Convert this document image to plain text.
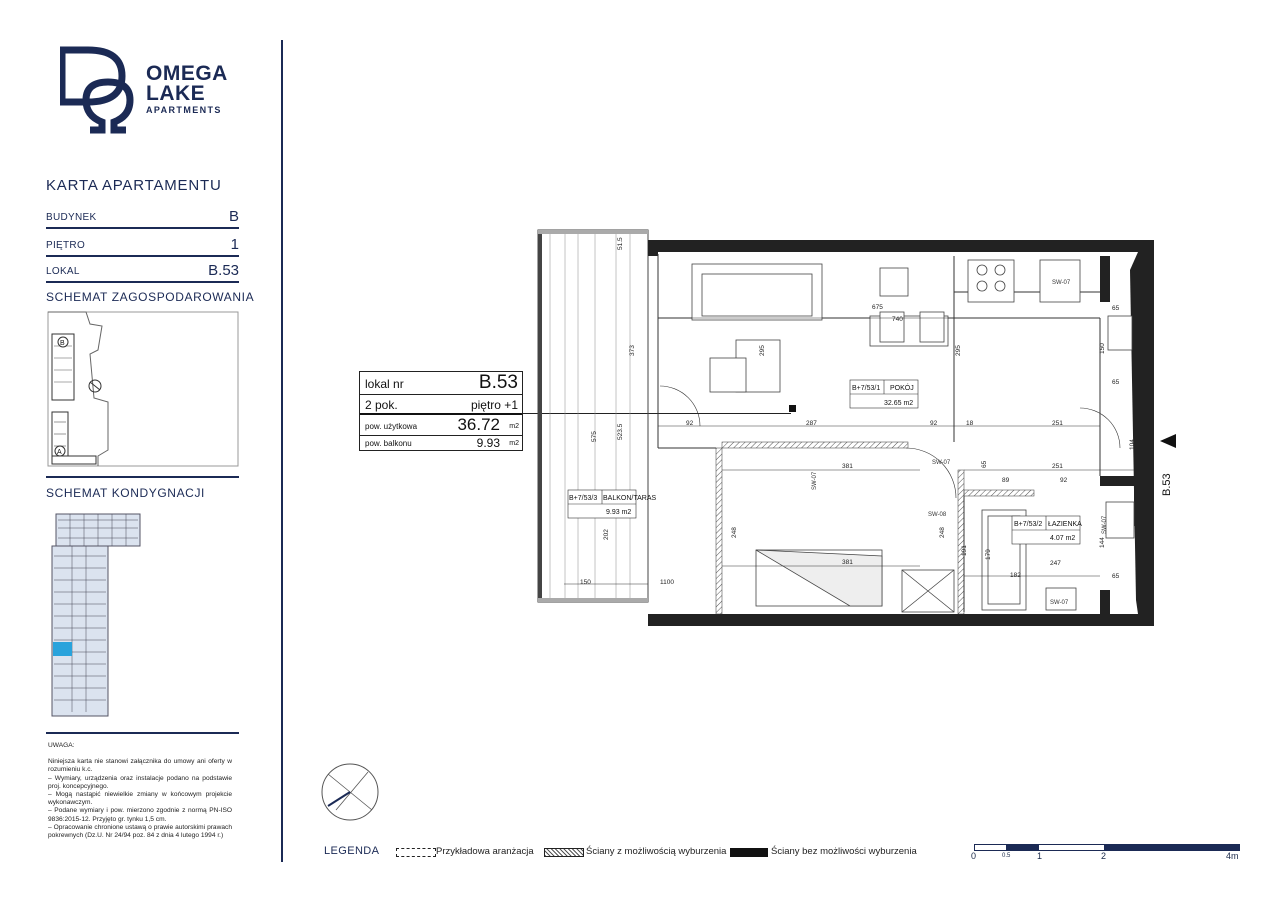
OMEGA
LAKE
APARTMENTS
KARTA APARTAMENTU
BUDYNEK	B
PIĘTRO	1
LOKAL	B.53
SCHEMAT ZAGOSPODAROWANIA
B
A
SCHEMAT KONDYGNACJI

UWAGA:

Niniejsza karta nie stanowi załącznika do umowy ani oferty w rozumieniu k.c.

– Wymiary, urządzenia oraz instalacje podano na podstawie proj. koncepcyjnego.

– Mogą nastąpić niewielkie zmiany w końcowym projekcie wykonawczym.

– Podane wymiary i pow. mierzono zgodnie z normą PN-ISO 9836:2015-12. Przyjęto gr. tynku 1,5 cm.

– Opracowanie chronione ustawą o prawie autorskimi prawach pokrewnych (Dz.U. Nr 24/94 poz. 84 z dnia 4 lutego 1994 r.)

lokal nr	B.53
2 pok.	piętro +1
pow. użytkowa 36.72 m2
pow. balkonu	9.93 m2
B+7/53/1 POKÓJ
32.65 m2
B+7/53/2 ŁAZIENKA
4.07 m2
B+7/53/3 BALKON/TARAS
9.93 m2
SW-07
SW-07
SW-07
SW-08
SW-07
SW-07
675
740
295	295
287
92	92	18	251
381
381
248	248
191
104
251
92
89	70
65
65
65
150
179
182
247
144
65
373
575	523.5
51.5
202
150	1100
B.53
LEGENDA	Przykładowa aranżacja	Ściany z możliwością wyburzenia	Ściany bez możliwości wyburzenia	0	0.5	1	2	4m
